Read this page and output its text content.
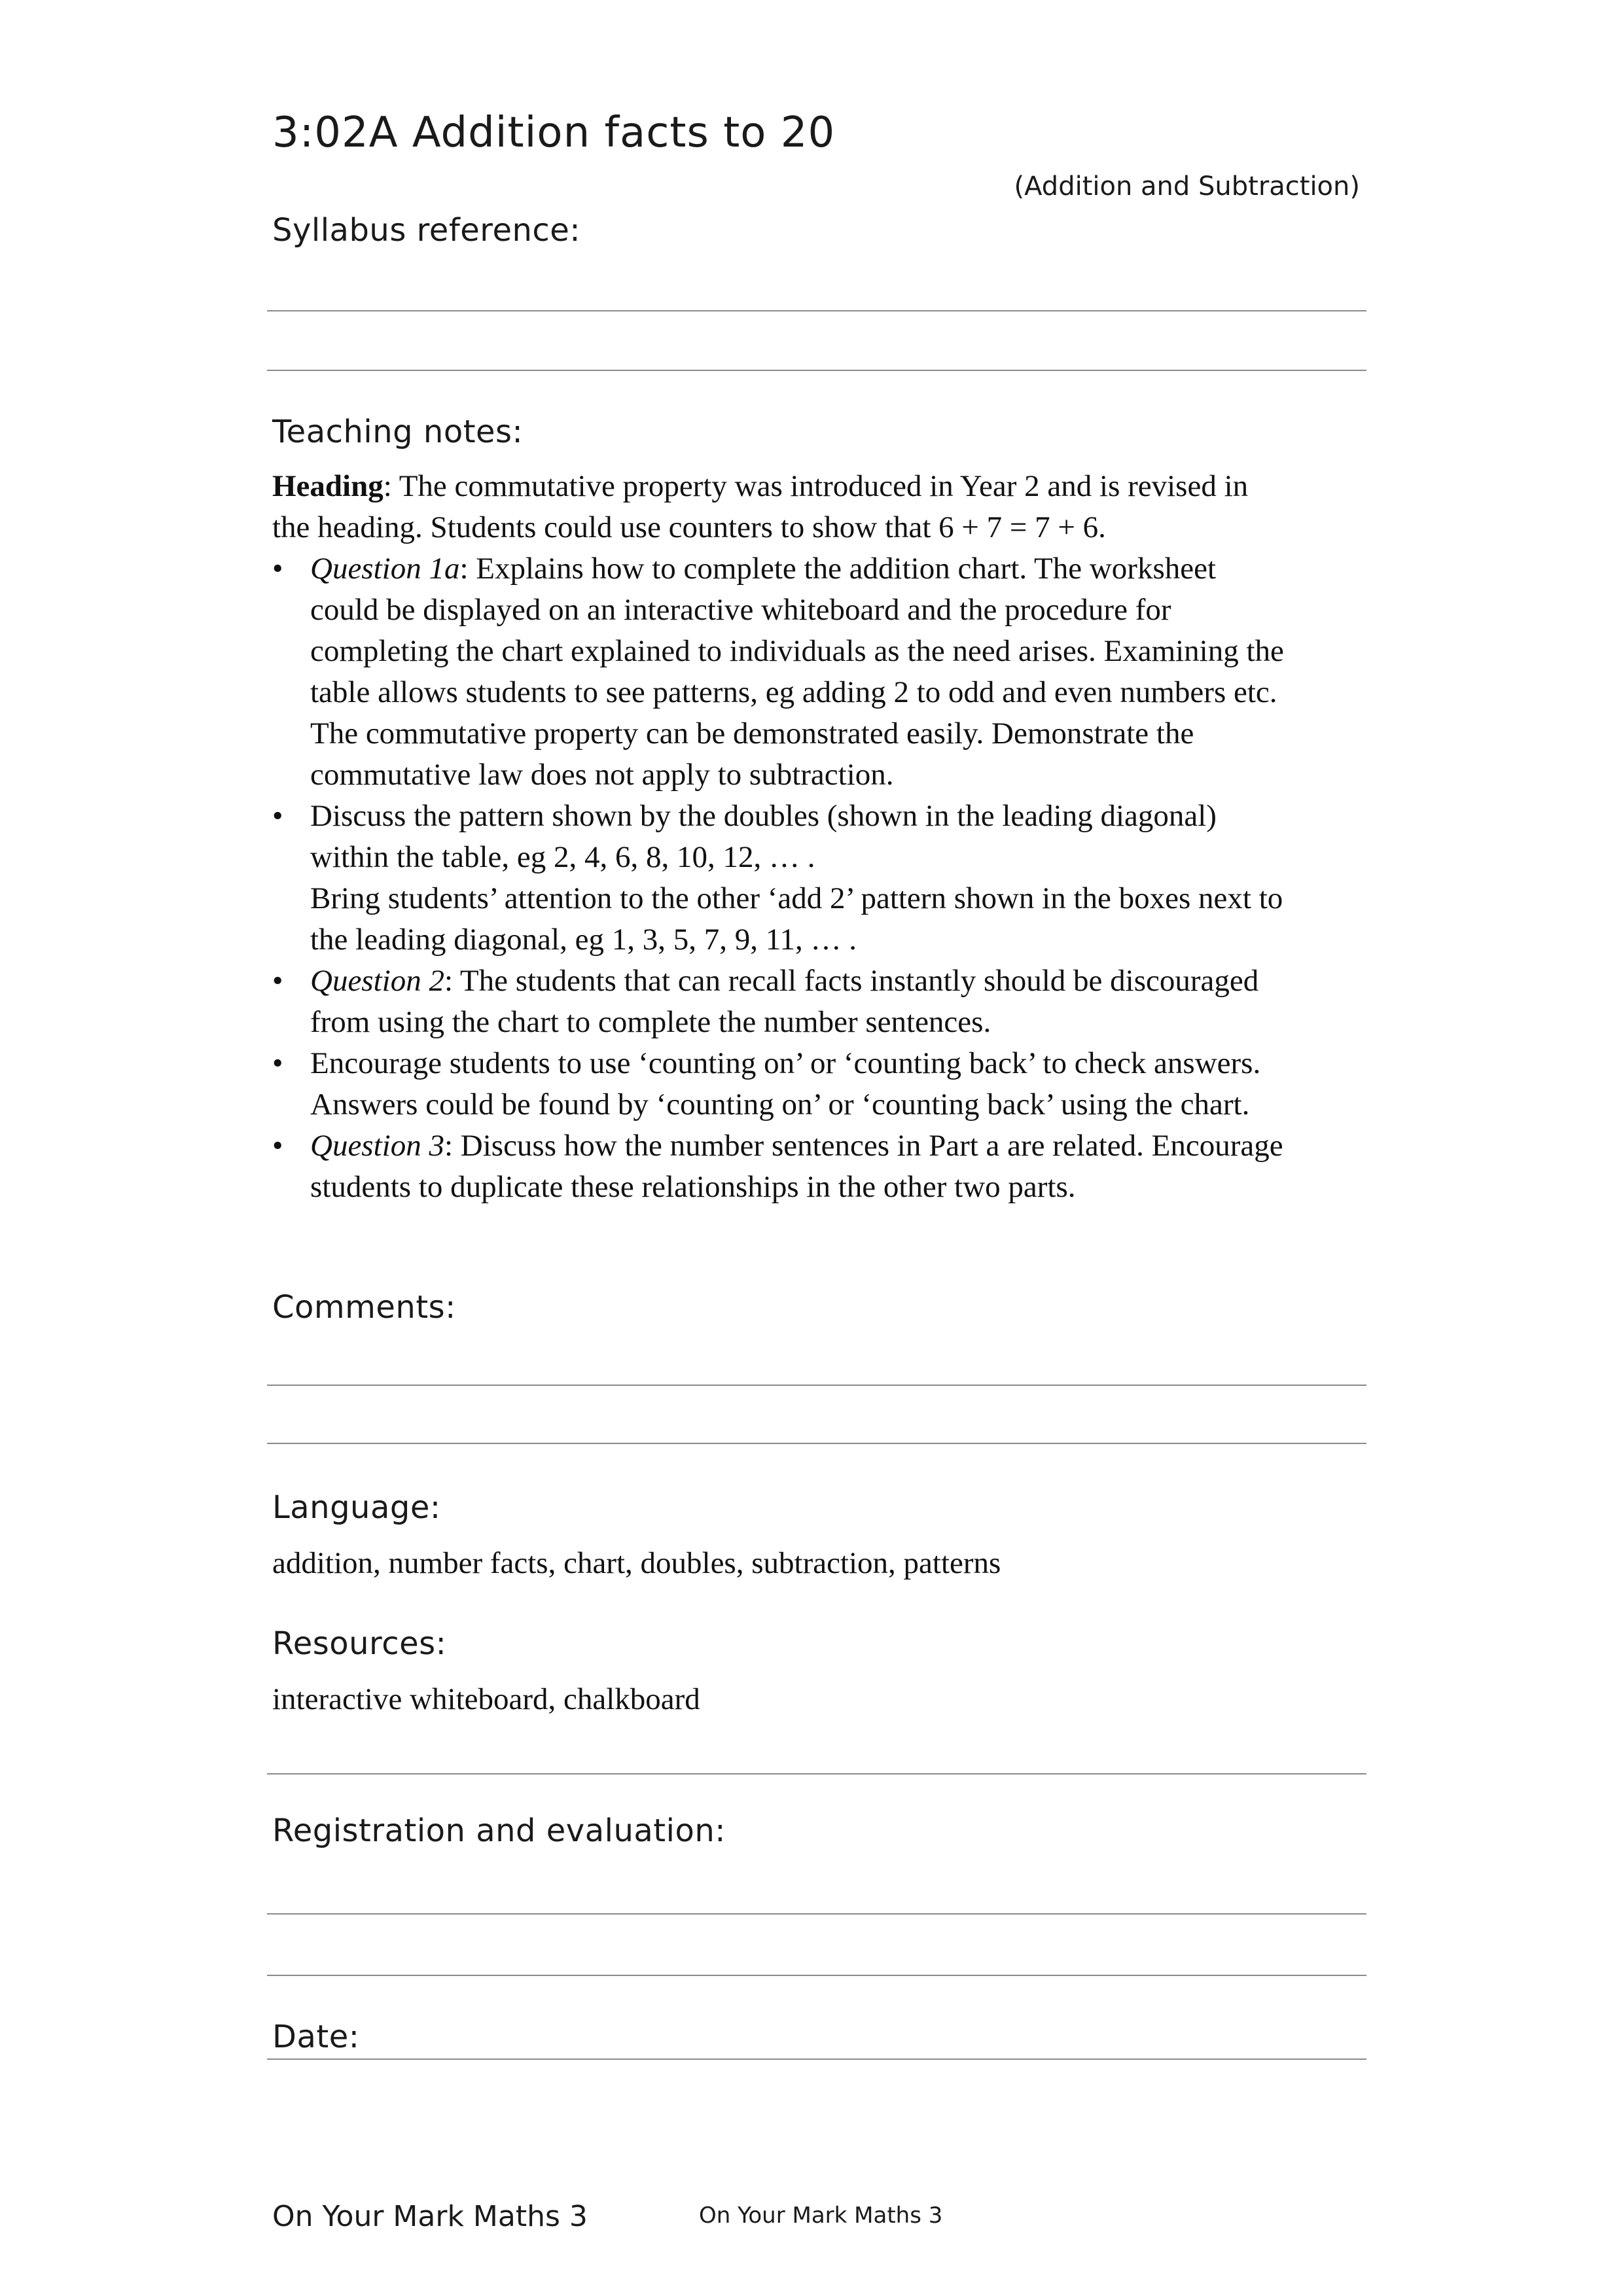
3:02A Addition facts to 20
(Addition and Subtraction)
Syllabus reference:
Teaching notes:

Heading: The commutative property was introduced in Year 2 and is revised in
the heading. Students could use counters to show that 6 + 7 = 7 + 6.

• Question 1a: Explains how to complete the addition chart. The worksheet
could be displayed on an interactive whiteboard and the procedure for
completing the chart explained to individuals as the need arises. Examining the
table allows students to see patterns, eg adding 2 to odd and even numbers etc.
The commutative property can be demonstrated easily. Demonstrate the
commutative law does not apply to subtraction.
• Discuss the pattern shown by the doubles (shown in the leading diagonal)
within the table, eg 2, 4, 6, 8, 10, 12, … .
Bring students’ attention to the other ‘add 2’ pattern shown in the boxes next to
the leading diagonal, eg 1, 3, 5, 7, 9, 11, … .
• Question 2: The students that can recall facts instantly should be discouraged
from using the chart to complete the number sentences.
• Encourage students to use ‘counting on’ or ‘counting back’ to check answers.
Answers could be found by ‘counting on’ or ‘counting back’ using the chart.
• Question 3: Discuss how the number sentences in Part a are related. Encourage
students to duplicate these relationships in the other two parts.
Comments:
Language:
addition, number facts, chart, doubles, subtraction, patterns
Resources:
interactive whiteboard, chalkboard
Registration and evaluation:
Date:
On Your Mark Maths 3	On Your Mark Maths 3
